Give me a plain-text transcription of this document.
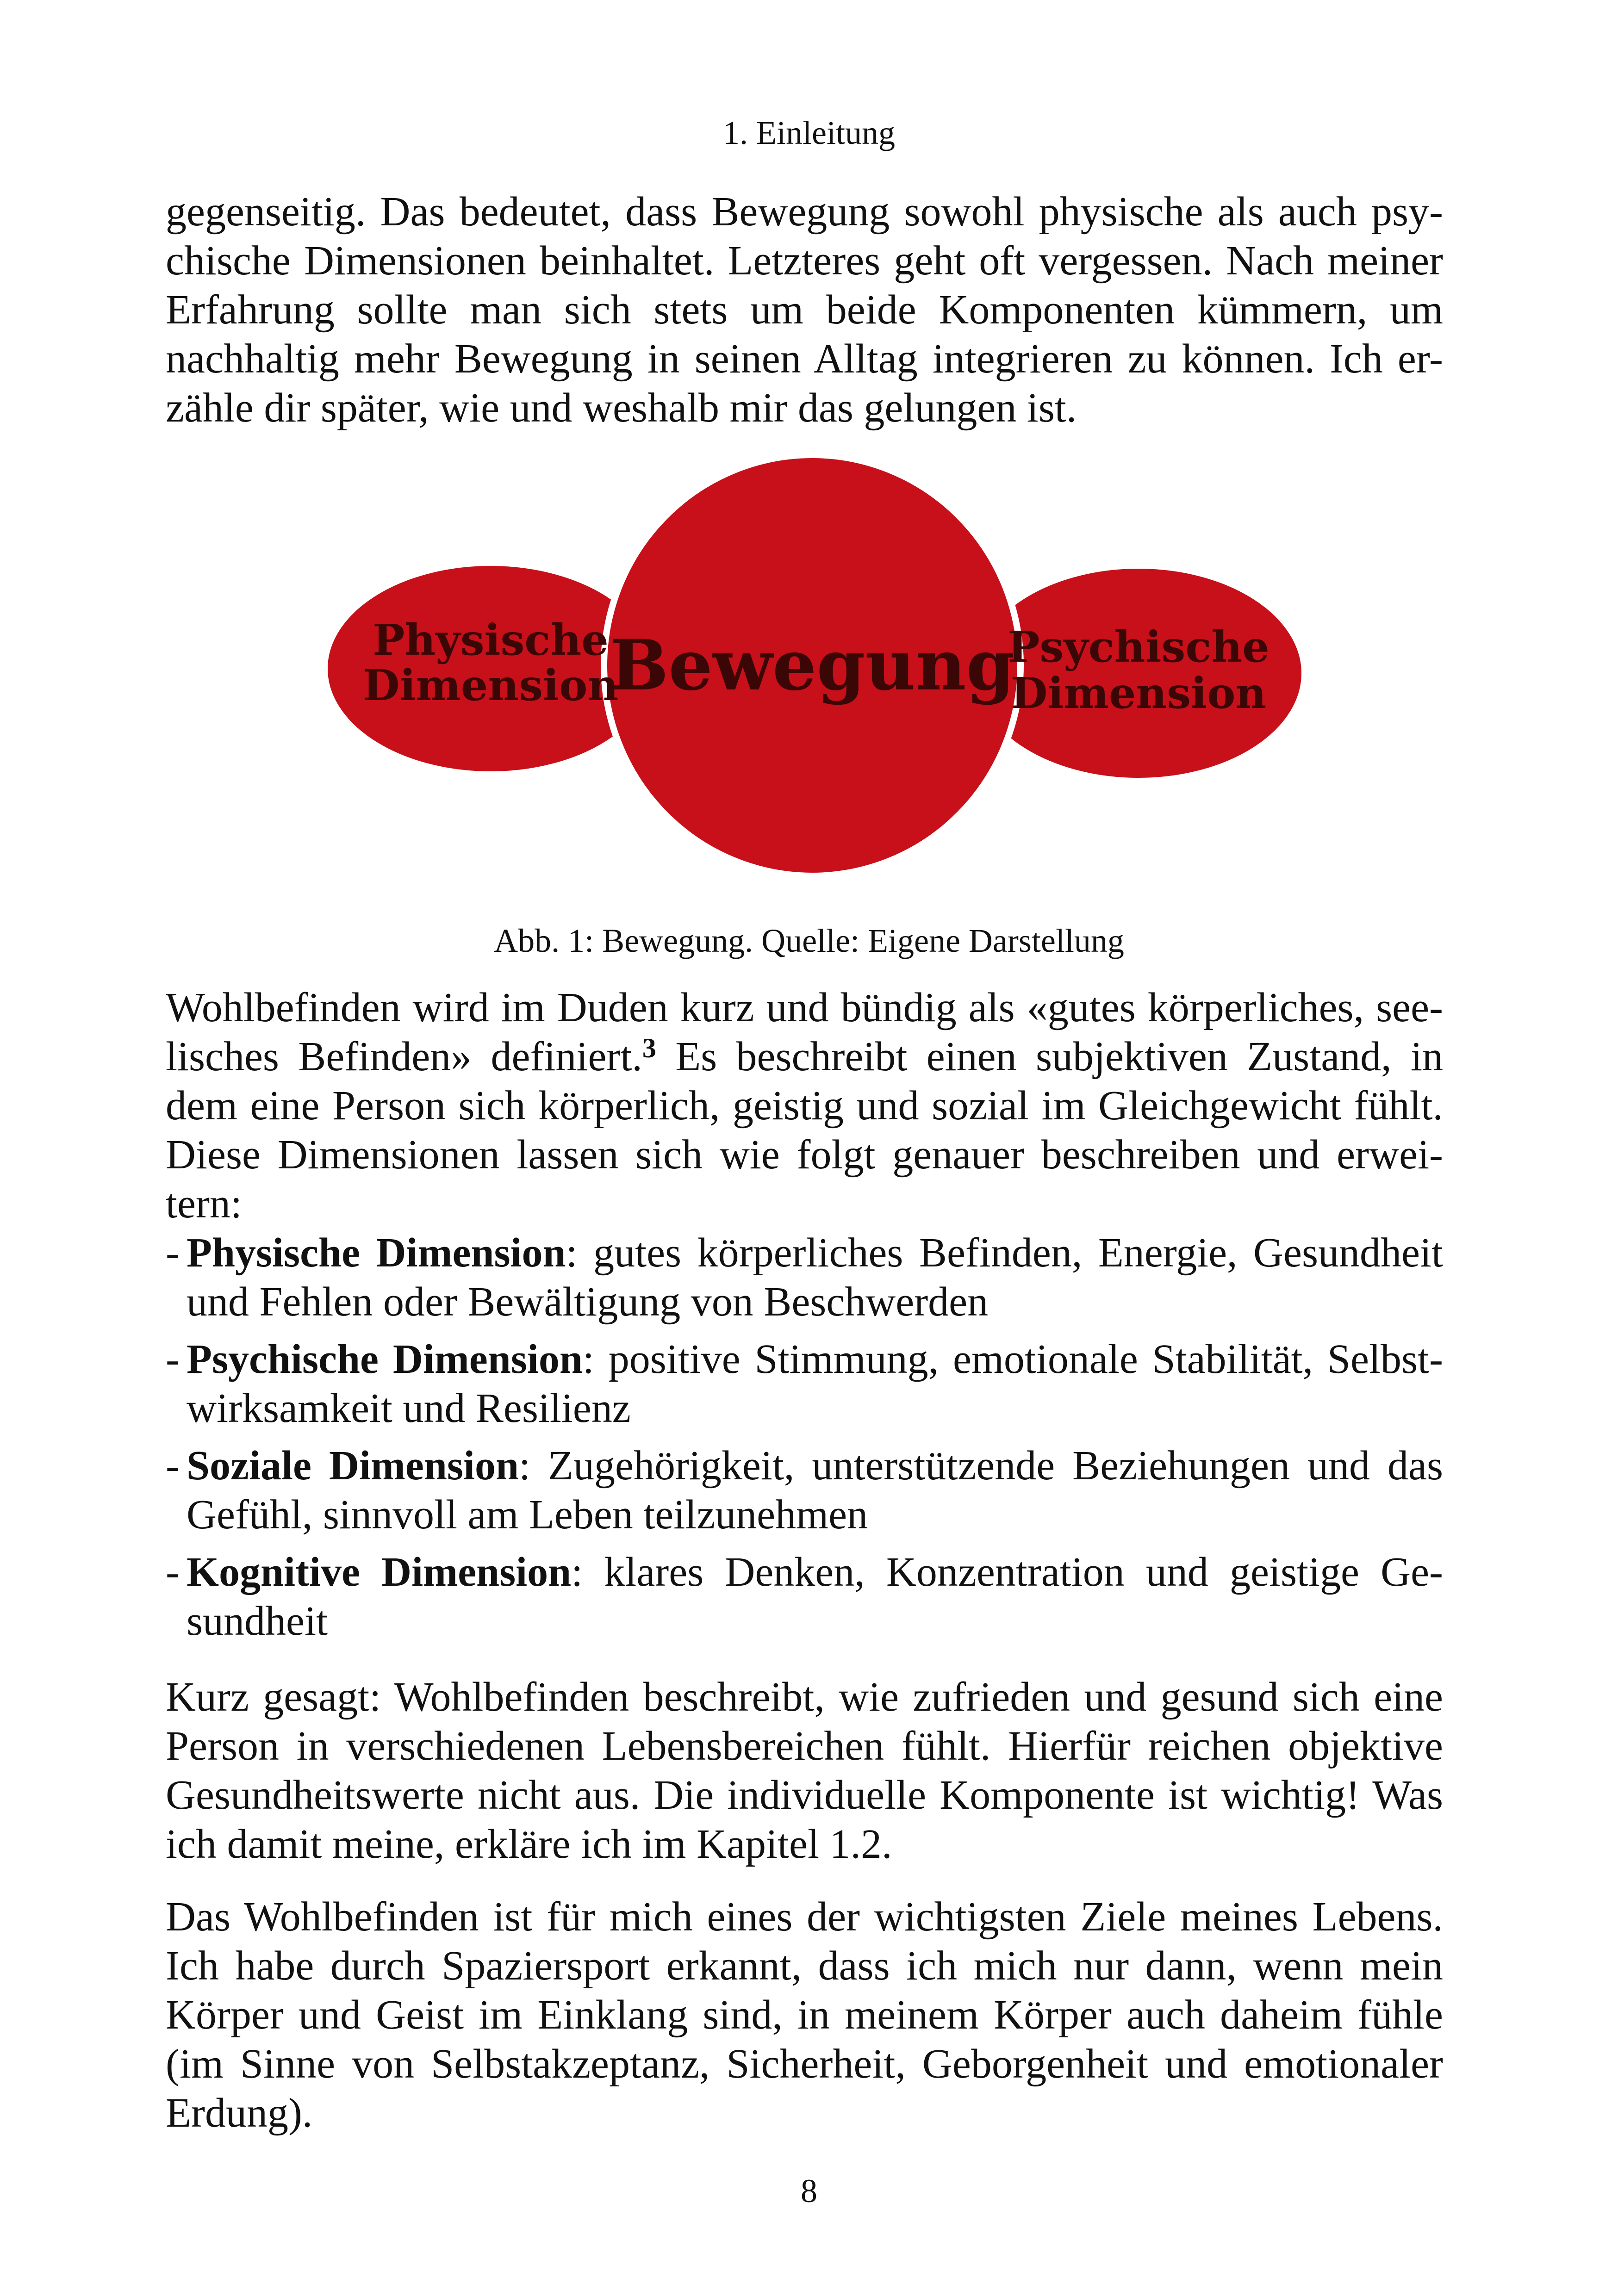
1. Einleitung
gegenseitig. Das bedeutet, dass Bewegung sowohl physische als auch psy-
chische Dimensionen beinhaltet. Letzteres geht oft vergessen. Nach meiner
Erfahrung sollte man sich stets um beide Komponenten kümmern, um
nachhaltig mehr Bewegung in seinen Alltag integrieren zu können. Ich er-
zähle dir später, wie und weshalb mir das gelungen ist.
Physische
Dimension
Bewegung
Psychische
Dimension
Abb. 1: Bewegung. Quelle: Eigene Darstellung
Wohlbefinden wird im Duden kurz und bündig als «gutes körperliches, see-
lisches Befinden» definiert.$^3$ Es beschreibt einen subjektiven Zustand, in
dem eine Person sich körperlich, geistig und sozial im Gleichgewicht fühlt.
Diese Dimensionen lassen sich wie folgt genauer beschreiben und erwei-
tern:
- Physische Dimension: gutes körperliches Befinden, Energie, Gesundheit
und Fehlen oder Bewältigung von Beschwerden
- Psychische Dimension: positive Stimmung, emotionale Stabilität, Selbst-
wirksamkeit und Resilienz
- Soziale Dimension: Zugehörigkeit, unterstützende Beziehungen und das
Gefühl, sinnvoll am Leben teilzunehmen
- Kognitive Dimension: klares Denken, Konzentration und geistige Ge-
sundheit
Kurz gesagt: Wohlbefinden beschreibt, wie zufrieden und gesund sich eine
Person in verschiedenen Lebensbereichen fühlt. Hierfür reichen objektive
Gesundheitswerte nicht aus. Die individuelle Komponente ist wichtig! Was
ich damit meine, erkläre ich im Kapitel 1.2.
Das Wohlbefinden ist für mich eines der wichtigsten Ziele meines Lebens.
Ich habe durch Spaziersport erkannt, dass ich mich nur dann, wenn mein
Körper und Geist im Einklang sind, in meinem Körper auch daheim fühle
(im Sinne von Selbstakzeptanz, Sicherheit, Geborgenheit und emotionaler
Erdung).
8
